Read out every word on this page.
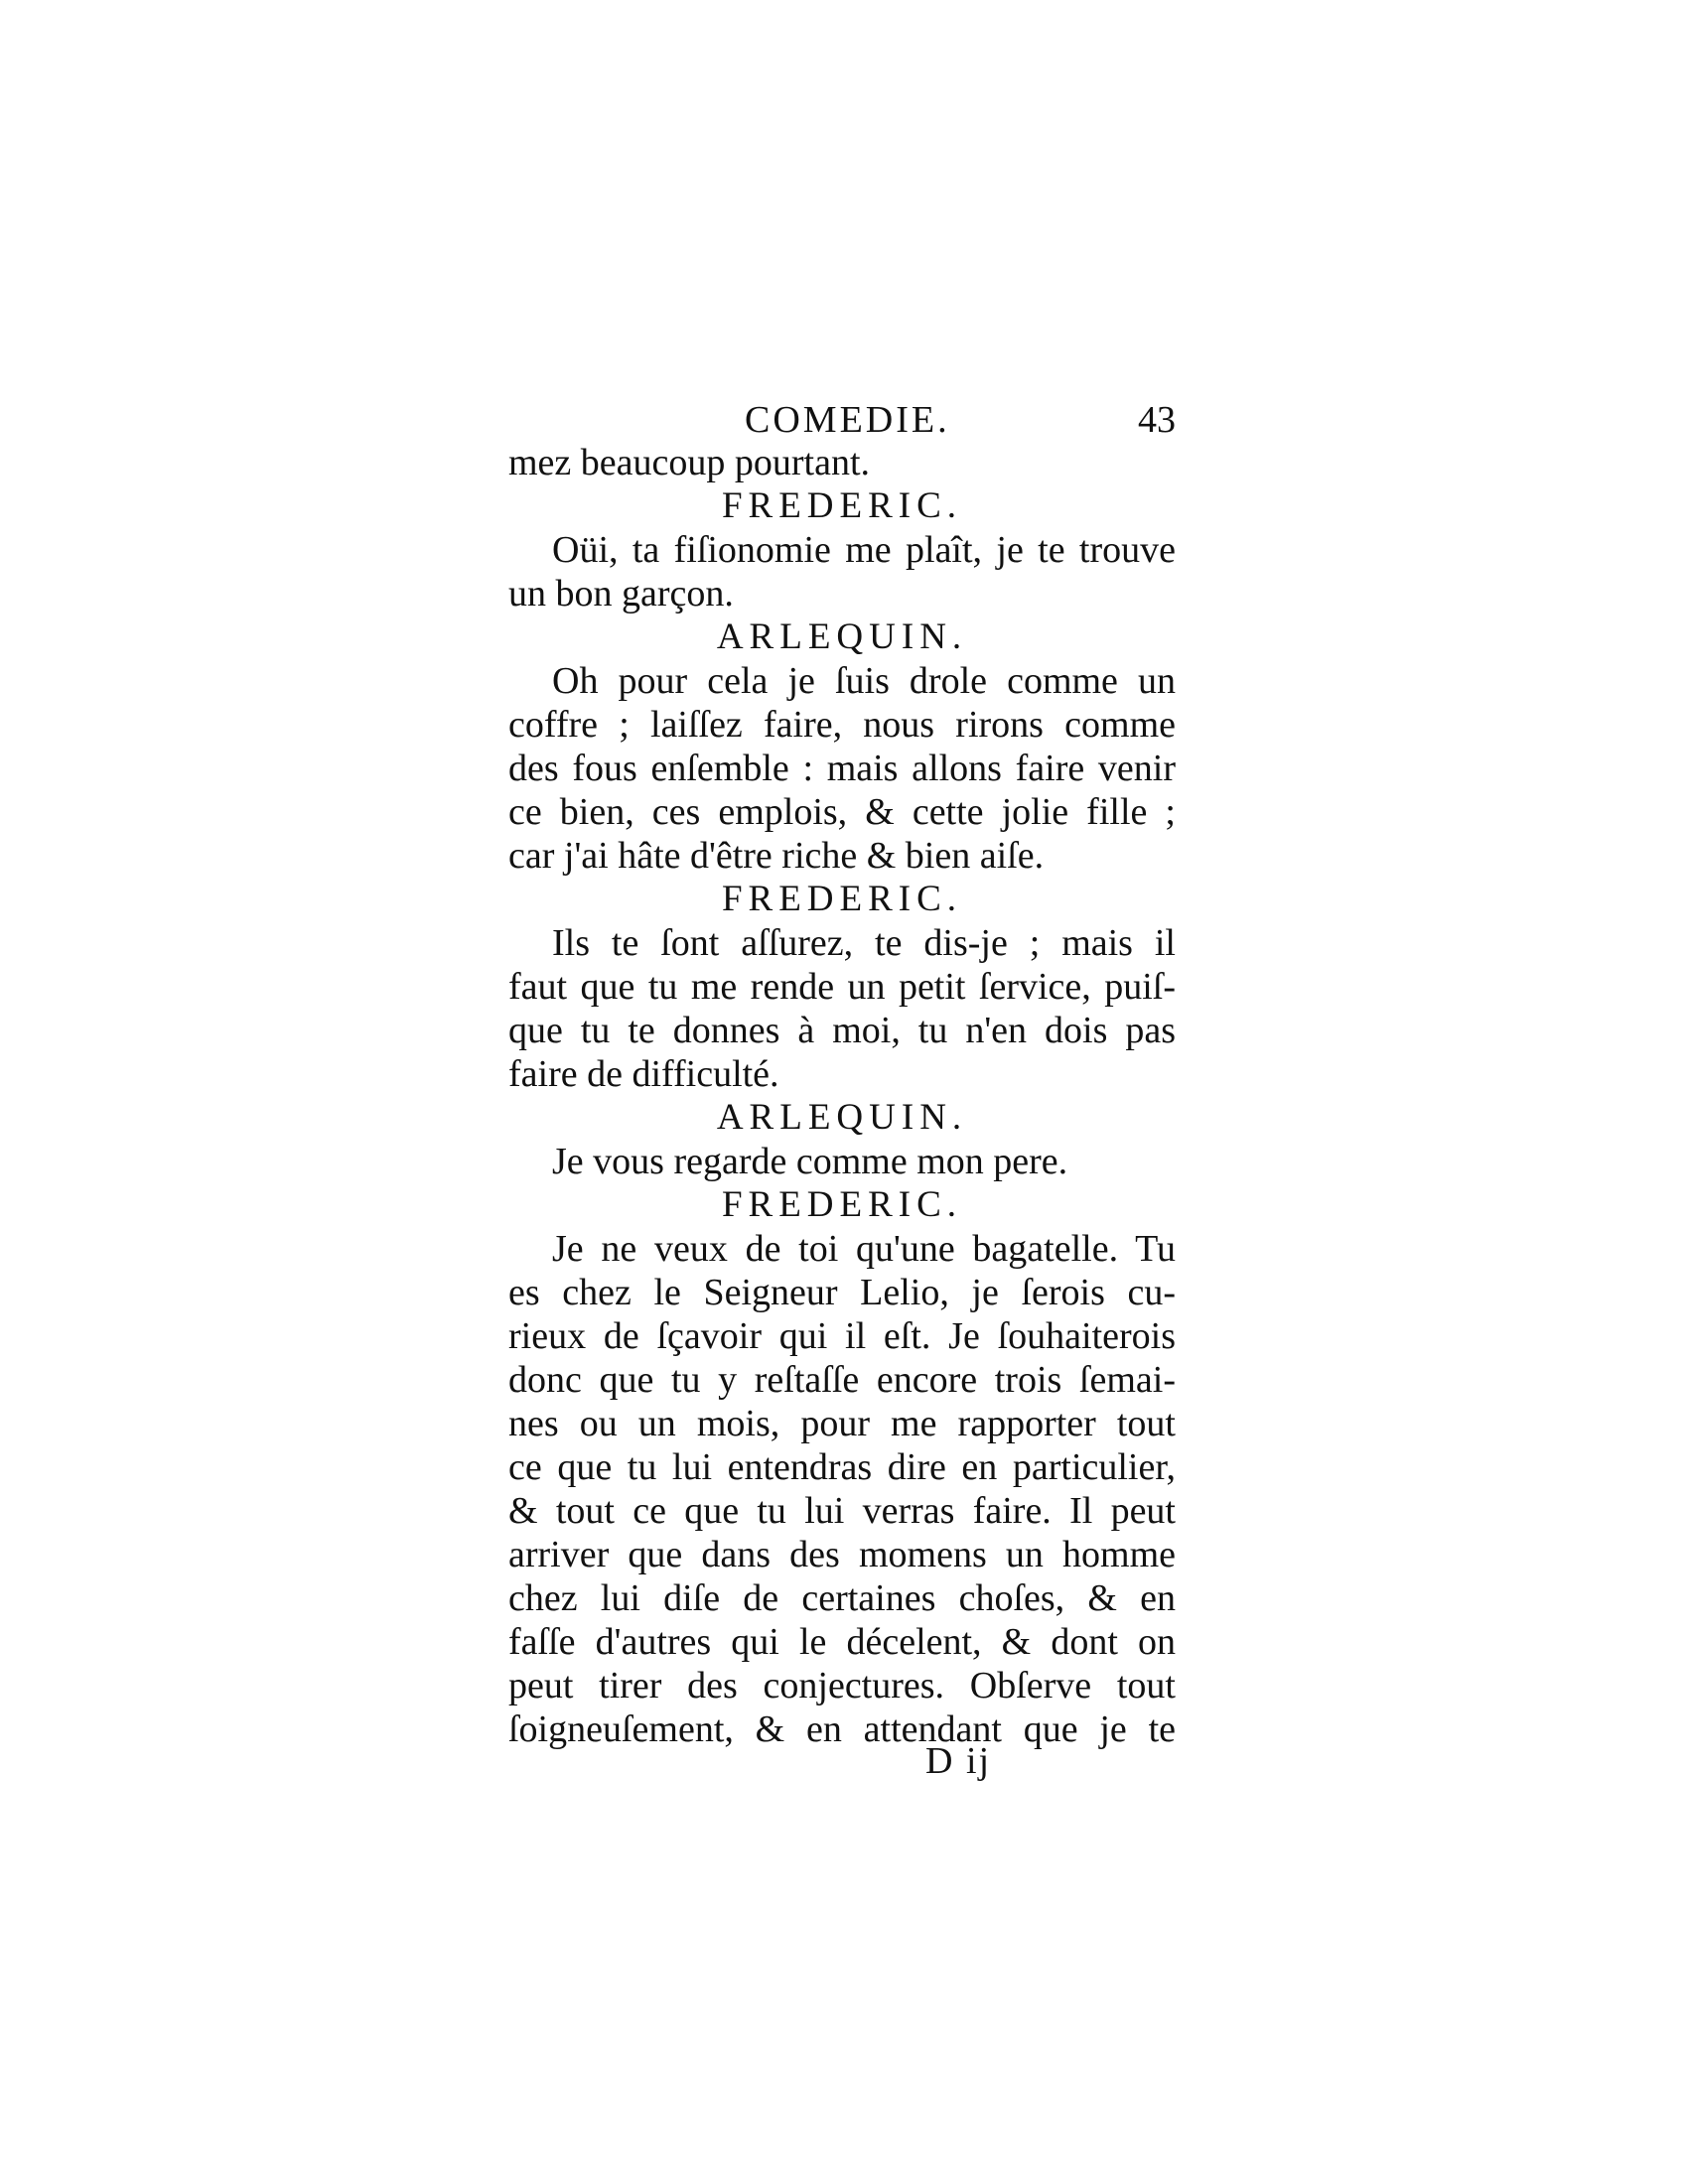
COMEDIE.	43
mez beaucoup pourtant.
FREDERIC.
Oüi, ta fiſionomie me plaît, je te trouve
un bon garçon.
ARLEQUIN.
Oh pour cela je ſuis drole comme un
coffre ; laiſſez faire, nous rirons comme
des fous enſemble : mais allons faire venir
ce bien, ces emplois, & cette jolie fille ;
car j'ai hâte d'être riche & bien aiſe.
FREDERIC.
Ils te ſont aſſurez, te dis-je ; mais il
faut que tu me rende un petit ſervice, puiſ-
que tu te donnes à moi, tu n'en dois pas
faire de difficulté.
ARLEQUIN.
Je vous regarde comme mon pere.
FREDERIC.
Je ne veux de toi qu'une bagatelle. Tu
es chez le Seigneur Lelio, je ſerois cu-
rieux de ſçavoir qui il eſt. Je ſouhaiterois
donc que tu y reſtaſſe encore trois ſemai-
nes ou un mois, pour me rapporter tout
ce que tu lui entendras dire en particulier,
& tout ce que tu lui verras faire. Il peut
arriver que dans des momens un homme
chez lui diſe de certaines choſes, & en
faſſe d'autres qui le décelent, & dont on
peut tirer des conjectures. Obſerve tout
ſoigneuſement, & en attendant que je te
D ij
